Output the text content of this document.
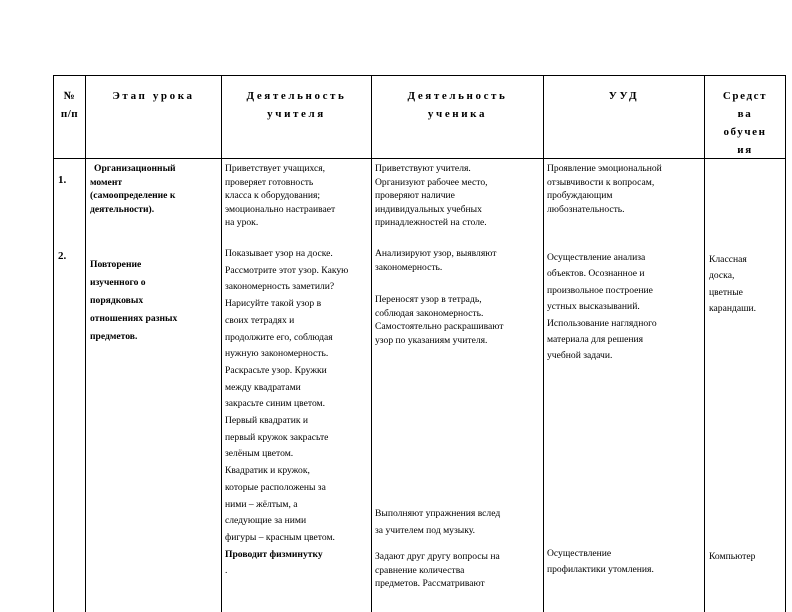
№
п/п
Этап урока	Деятельность
учителя
Деятельность
ученика
УУД	Средст
ва
обучен
ия
1.
Организационный
момент
(самоопределение к
деятельности).
Приветствует учащихся,
проверяет готовность
класса к оборудования;
эмоционально настраивает
на урок.
Приветствуют учителя.
Организуют рабочее место,
проверяют наличие
индивидуальных учебных
принадлежностей на столе.
Проявление эмоциональной
отзывчивости к вопросам,
пробуждающим
любознательность.
2.
Повторение
изученного о
порядковых
отношениях разных
предметов.
Показывает узор на доске.
Рассмотрите этот узор. Какую
закономерность заметили?
Нарисуйте такой узор в
своих тетрадях и
продолжите его, соблюдая
нужную закономерность.
Раскрасьте узор. Кружки
между квадратами
закрасьте синим цветом.
Первый квадратик и
первый кружок закрасьте
зелёным цветом.
Квадратик и кружок,
которые расположены за
ними – жёлтым, а
следующие за ними
фигуры – красным цветом.
Проводит физминутку
.
Анализируют узор, выявляют
закономерность.
Переносят узор в тетрадь,
соблюдая закономерность.
Самостоятельно раскрашивают
узор по указаниям учителя.
Выполняют упражнения вслед
за учителем под музыку.
Задают друг другу вопросы на
сравнение количества
предметов. Рассматривают
Осуществление анализа
объектов. Осознанное и
произвольное построение
устных высказываний.
Использование наглядного
материала для решения
учебной задачи.
Осуществление
профилактики утомления.
Классная
доска,
цветные
карандаши.
Компьютер
